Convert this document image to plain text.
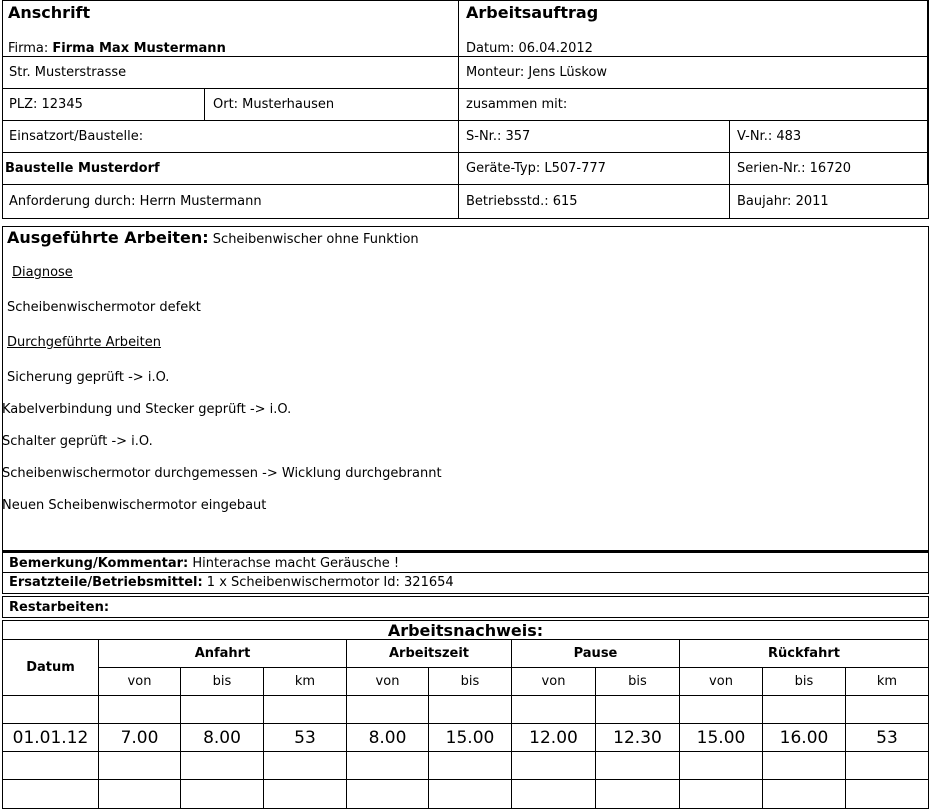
Anschrift
Firma: Firma Max Mustermann
Arbeitsauftrag
Datum: 06.04.2012
Str. Musterstrasse	Monteur: Jens Lüskow
PLZ: 12345	Ort: Musterhausen	zusammen mit:
Einsatzort/Baustelle:	S-Nr.: 357	V-Nr.: 483
Baustelle Musterdorf	Geräte-Typ: L507-777	Serien-Nr.: 16720
Anforderung durch: Herrn Mustermann	Betriebsstd.: 615	Baujahr: 2011
Ausgeführte Arbeiten: Scheibenwischer ohne Funktion
Diagnose
Scheibenwischermotor defekt
Durchgeführte Arbeiten
Sicherung geprüft -> i.O.
Kabelverbindung und Stecker geprüft -> i.O.
Schalter geprüft -> i.O.
Scheibenwischermotor durchgemessen -> Wicklung durchgebrannt
Neuen Scheibenwischermotor eingebaut
Bemerkung/Kommentar: Hinterachse macht Geräusche !
Ersatzteile/Betriebsmittel: 1 x Scheibenwischermotor Id: 321654
Restarbeiten:
Arbeitsnachweis:
Datum
Anfahrt	Arbeitszeit	Pause	Rückfahrt
von	bis	km	von	bis	von	bis	von	bis	km
01.01.12	7.00	8.00	53	8.00	15.00	12.00	12.30	15.00	16.00	53
